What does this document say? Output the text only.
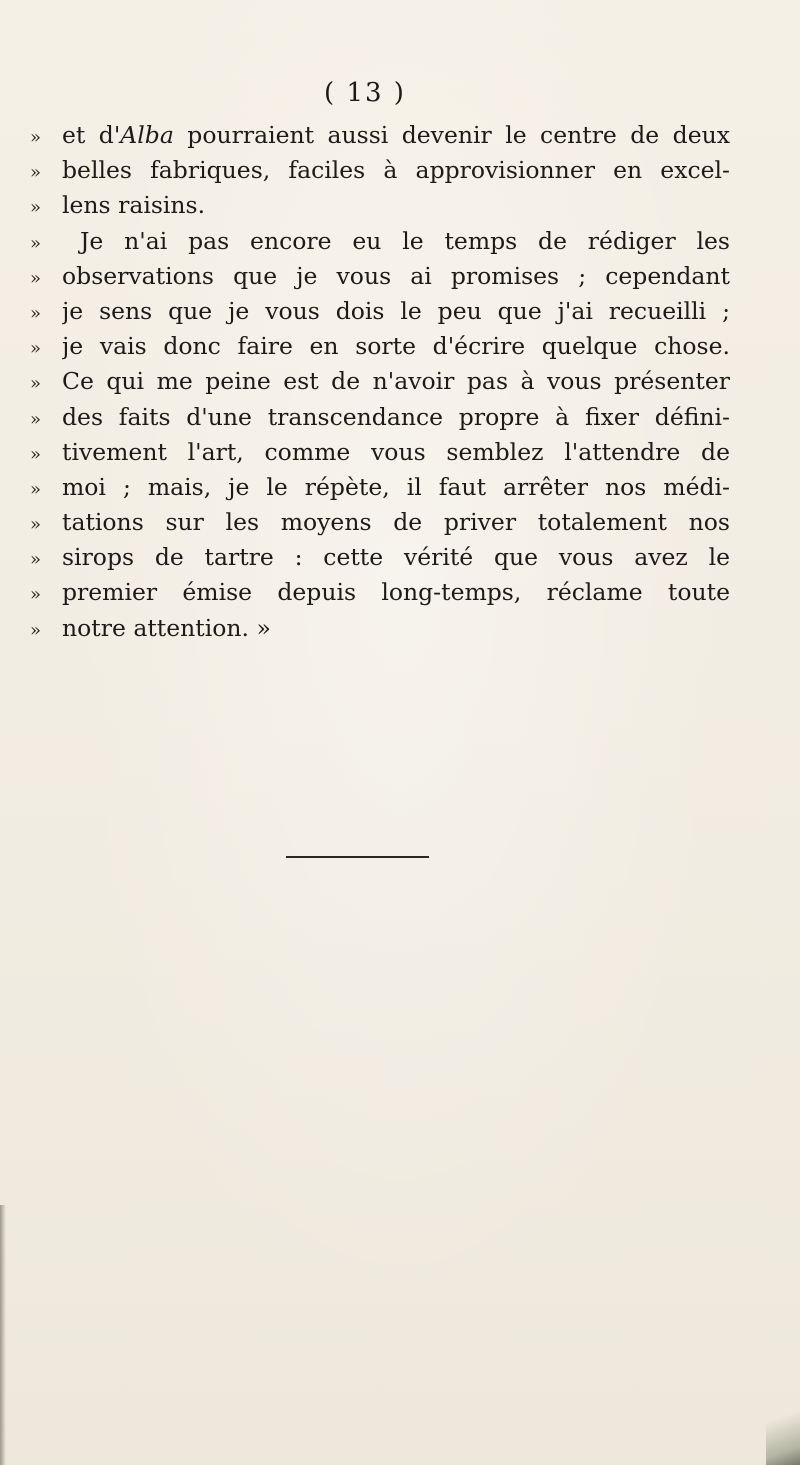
( 13 )
» et d'Alba pourraient aussi devenir le centre de deux
» belles fabriques, faciles à approvisionner en excel-
» lens raisins.
»	Je n'ai pas encore eu le temps de rédiger les
» observations que je vous ai promises ; cependant
» je sens que je vous dois le peu que j'ai recueilli ;
» je vais donc faire en sorte d'écrire quelque chose.
» Ce qui me peine est de n'avoir pas à vous présenter
» des faits d'une transcendance propre à fixer défini-
» tivement l'art, comme vous semblez l'attendre de
» moi ; mais, je le répète, il faut arrêter nos médi-
» tations sur les moyens de priver totalement nos
» sirops de tartre : cette vérité que vous avez le
» premier émise depuis long-temps, réclame toute
» notre attention. »
